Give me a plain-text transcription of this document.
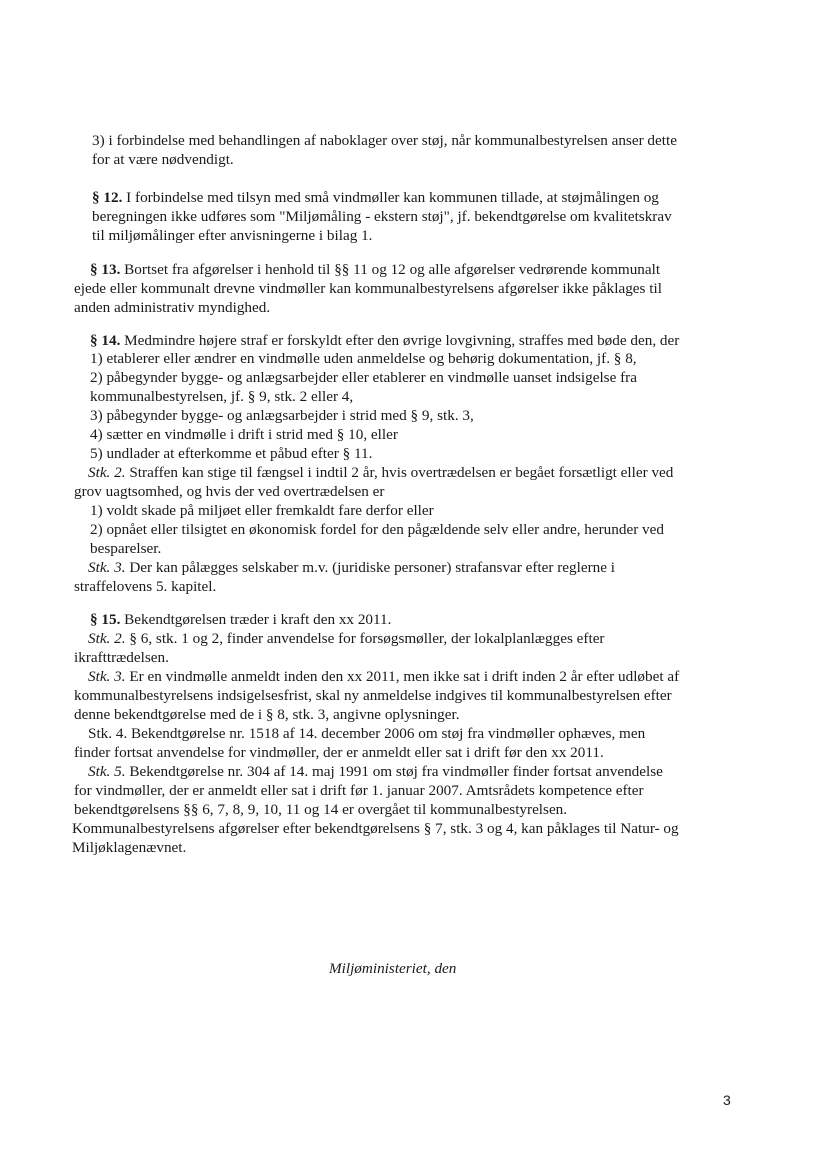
3) i forbindelse med behandlingen af naboklager over støj, når kommunalbestyrelsen anser dette
for at være nødvendigt.
§ 12. I forbindelse med tilsyn med små vindmøller kan kommunen tillade, at støjmålingen og
beregningen ikke udføres som "Miljømåling - ekstern støj", jf. bekendtgørelse om kvalitetskrav
til miljømålinger efter anvisningerne i bilag 1.
§ 13. Bortset fra afgørelser i henhold til §§ 11 og 12 og alle afgørelser vedrørende kommunalt
ejede eller kommunalt drevne vindmøller kan kommunalbestyrelsens afgørelser ikke påklages til
anden administrativ myndighed.
§ 14. Medmindre højere straf er forskyldt efter den øvrige lovgivning, straffes med bøde den, der
1) etablerer eller ændrer en vindmølle uden anmeldelse og behørig dokumentation, jf. § 8,
2) påbegynder bygge- og anlægsarbejder eller etablerer en vindmølle uanset indsigelse fra
kommunalbestyrelsen, jf. § 9, stk. 2 eller 4,
3) påbegynder bygge- og anlægsarbejder i strid med § 9, stk. 3,
4) sætter en vindmølle i drift i strid med § 10, eller
5) undlader at efterkomme et påbud efter § 11.
Stk. 2. Straffen kan stige til fængsel i indtil 2 år, hvis overtrædelsen er begået forsætligt eller ved
grov uagtsomhed, og hvis der ved overtrædelsen er
1) voldt skade på miljøet eller fremkaldt fare derfor eller
2) opnået eller tilsigtet en økonomisk fordel for den pågældende selv eller andre, herunder ved
besparelser.
Stk. 3. Der kan pålægges selskaber m.v. (juridiske personer) strafansvar efter reglerne i
straffelovens 5. kapitel.
§ 15. Bekendtgørelsen træder i kraft den xx 2011.
Stk. 2. § 6, stk. 1 og 2, finder anvendelse for forsøgsmøller, der lokalplanlægges efter
ikrafttrædelsen.
Stk. 3. Er en vindmølle anmeldt inden den xx 2011, men ikke sat i drift inden 2 år efter udløbet af
kommunalbestyrelsens indsigelsesfrist, skal ny anmeldelse indgives til kommunalbestyrelsen efter
denne bekendtgørelse med de i § 8, stk. 3, angivne oplysninger.
Stk. 4. Bekendtgørelse nr. 1518 af 14. december 2006 om støj fra vindmøller ophæves, men
finder fortsat anvendelse for vindmøller, der er anmeldt eller sat i drift før den xx 2011.
Stk. 5. Bekendtgørelse nr. 304 af 14. maj 1991 om støj fra vindmøller finder fortsat anvendelse
for vindmøller, der er anmeldt eller sat i drift før 1. januar 2007. Amtsrådets kompetence efter
bekendtgørelsens §§ 6, 7, 8, 9, 10, 11 og 14 er overgået til kommunalbestyrelsen.
Kommunalbestyrelsens afgørelser efter bekendtgørelsens § 7, stk. 3 og 4, kan påklages til Natur- og
Miljøklagenævnet.
Miljøministeriet, den
3
